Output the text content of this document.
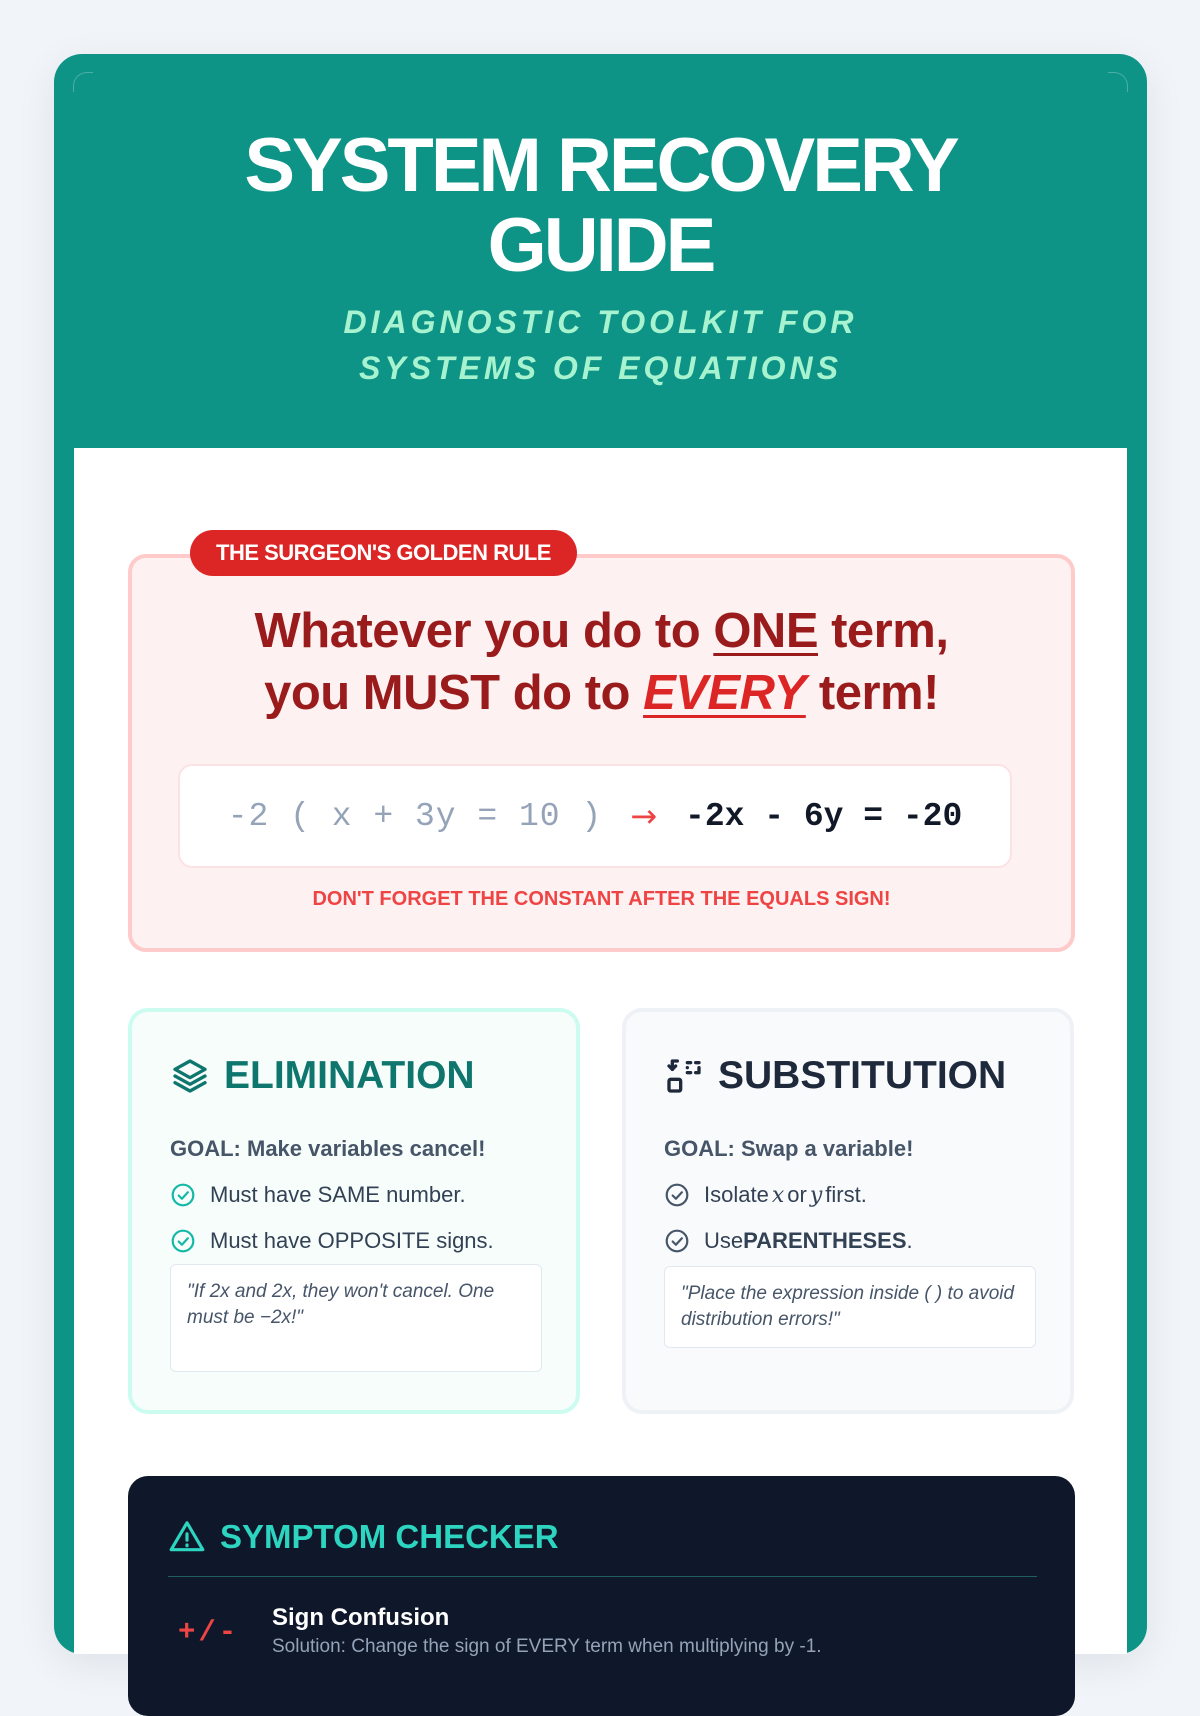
SYSTEM RECOVERY GUIDE
DIAGNOSTIC TOOLKIT FOR SYSTEMS OF EQUATIONS
THE SURGEON'S GOLDEN RULE
Whatever you do to ONE term,
you MUST do to EVERY term!
-2 ( x + 3y = 10 ) → -2x - 6y = -20
DON'T FORGET THE CONSTANT AFTER THE EQUALS SIGN!
ELIMINATION
GOAL: Make variables cancel!
Must have SAME number.
Must have OPPOSITE signs.
"If 2x and 2x, they won't cancel. One must be −2x!"
SUBSTITUTION
GOAL: Swap a variable!
Isolate x or y first.
UsePARENTHESES.
"Place the expression inside ( ) to avoid distribution errors!"
SYMPTOM CHECKER
+/- Sign Confusion
Solution: Change the sign of EVERY term when multiplying by -1.
